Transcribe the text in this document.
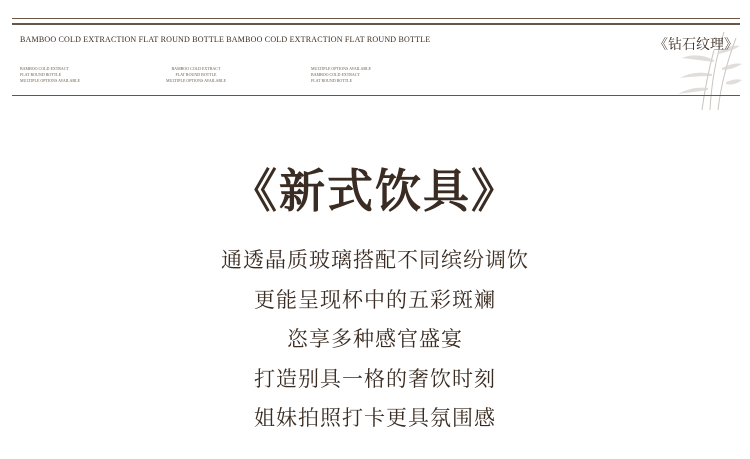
BAMBOO COLD EXTRACTION FLAT ROUND BOTTLE BAMBOO COLD EXTRACTION FLAT ROUND BOTTLE
BAMBOO COLD EXTRACT
FLAT ROUND BOTTLE
MULTIPLE OPTIONS AVAILABLE
BAMBOO COLD EXTRACT
FLAT ROUND BOTTLE
MULTIPLE OPTIONS AVAILABLE
MULTIPLE OPTIONS AVAILABLE
BAMBOO COLD EXTRACT
FLAT ROUND BOTTLE
《钻石纹理》
《新式饮具》
通透晶质玻璃搭配不同缤纷调饮
更能呈现杯中的五彩斑斓
恣享多种感官盛宴
打造别具一格的奢饮时刻
姐妹拍照打卡更具氛围感
